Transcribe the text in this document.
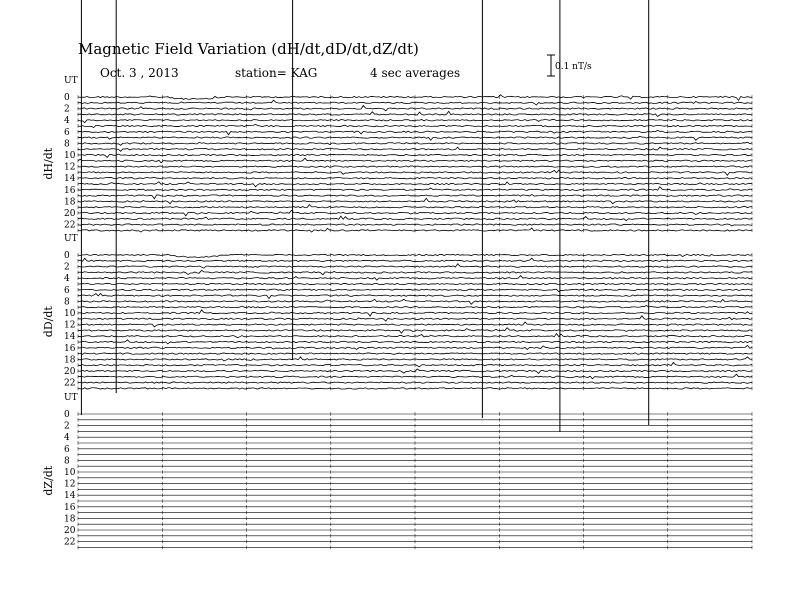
Magnetic Field Variation (dH/dt,dD/dt,dZ/dt)
Oct. 3 , 2013	station= KAG	4 sec averages	0.1 nT/s
UT
0
2
4
6
8
10
12
14
16
18
20
22
dH/dt
UT
0
2
4
6
8
10
12
14
16
18
20
22
dD/dt
UT
0
2
4
6
8
10
12
14
16
18
20
22
dZ/dt
